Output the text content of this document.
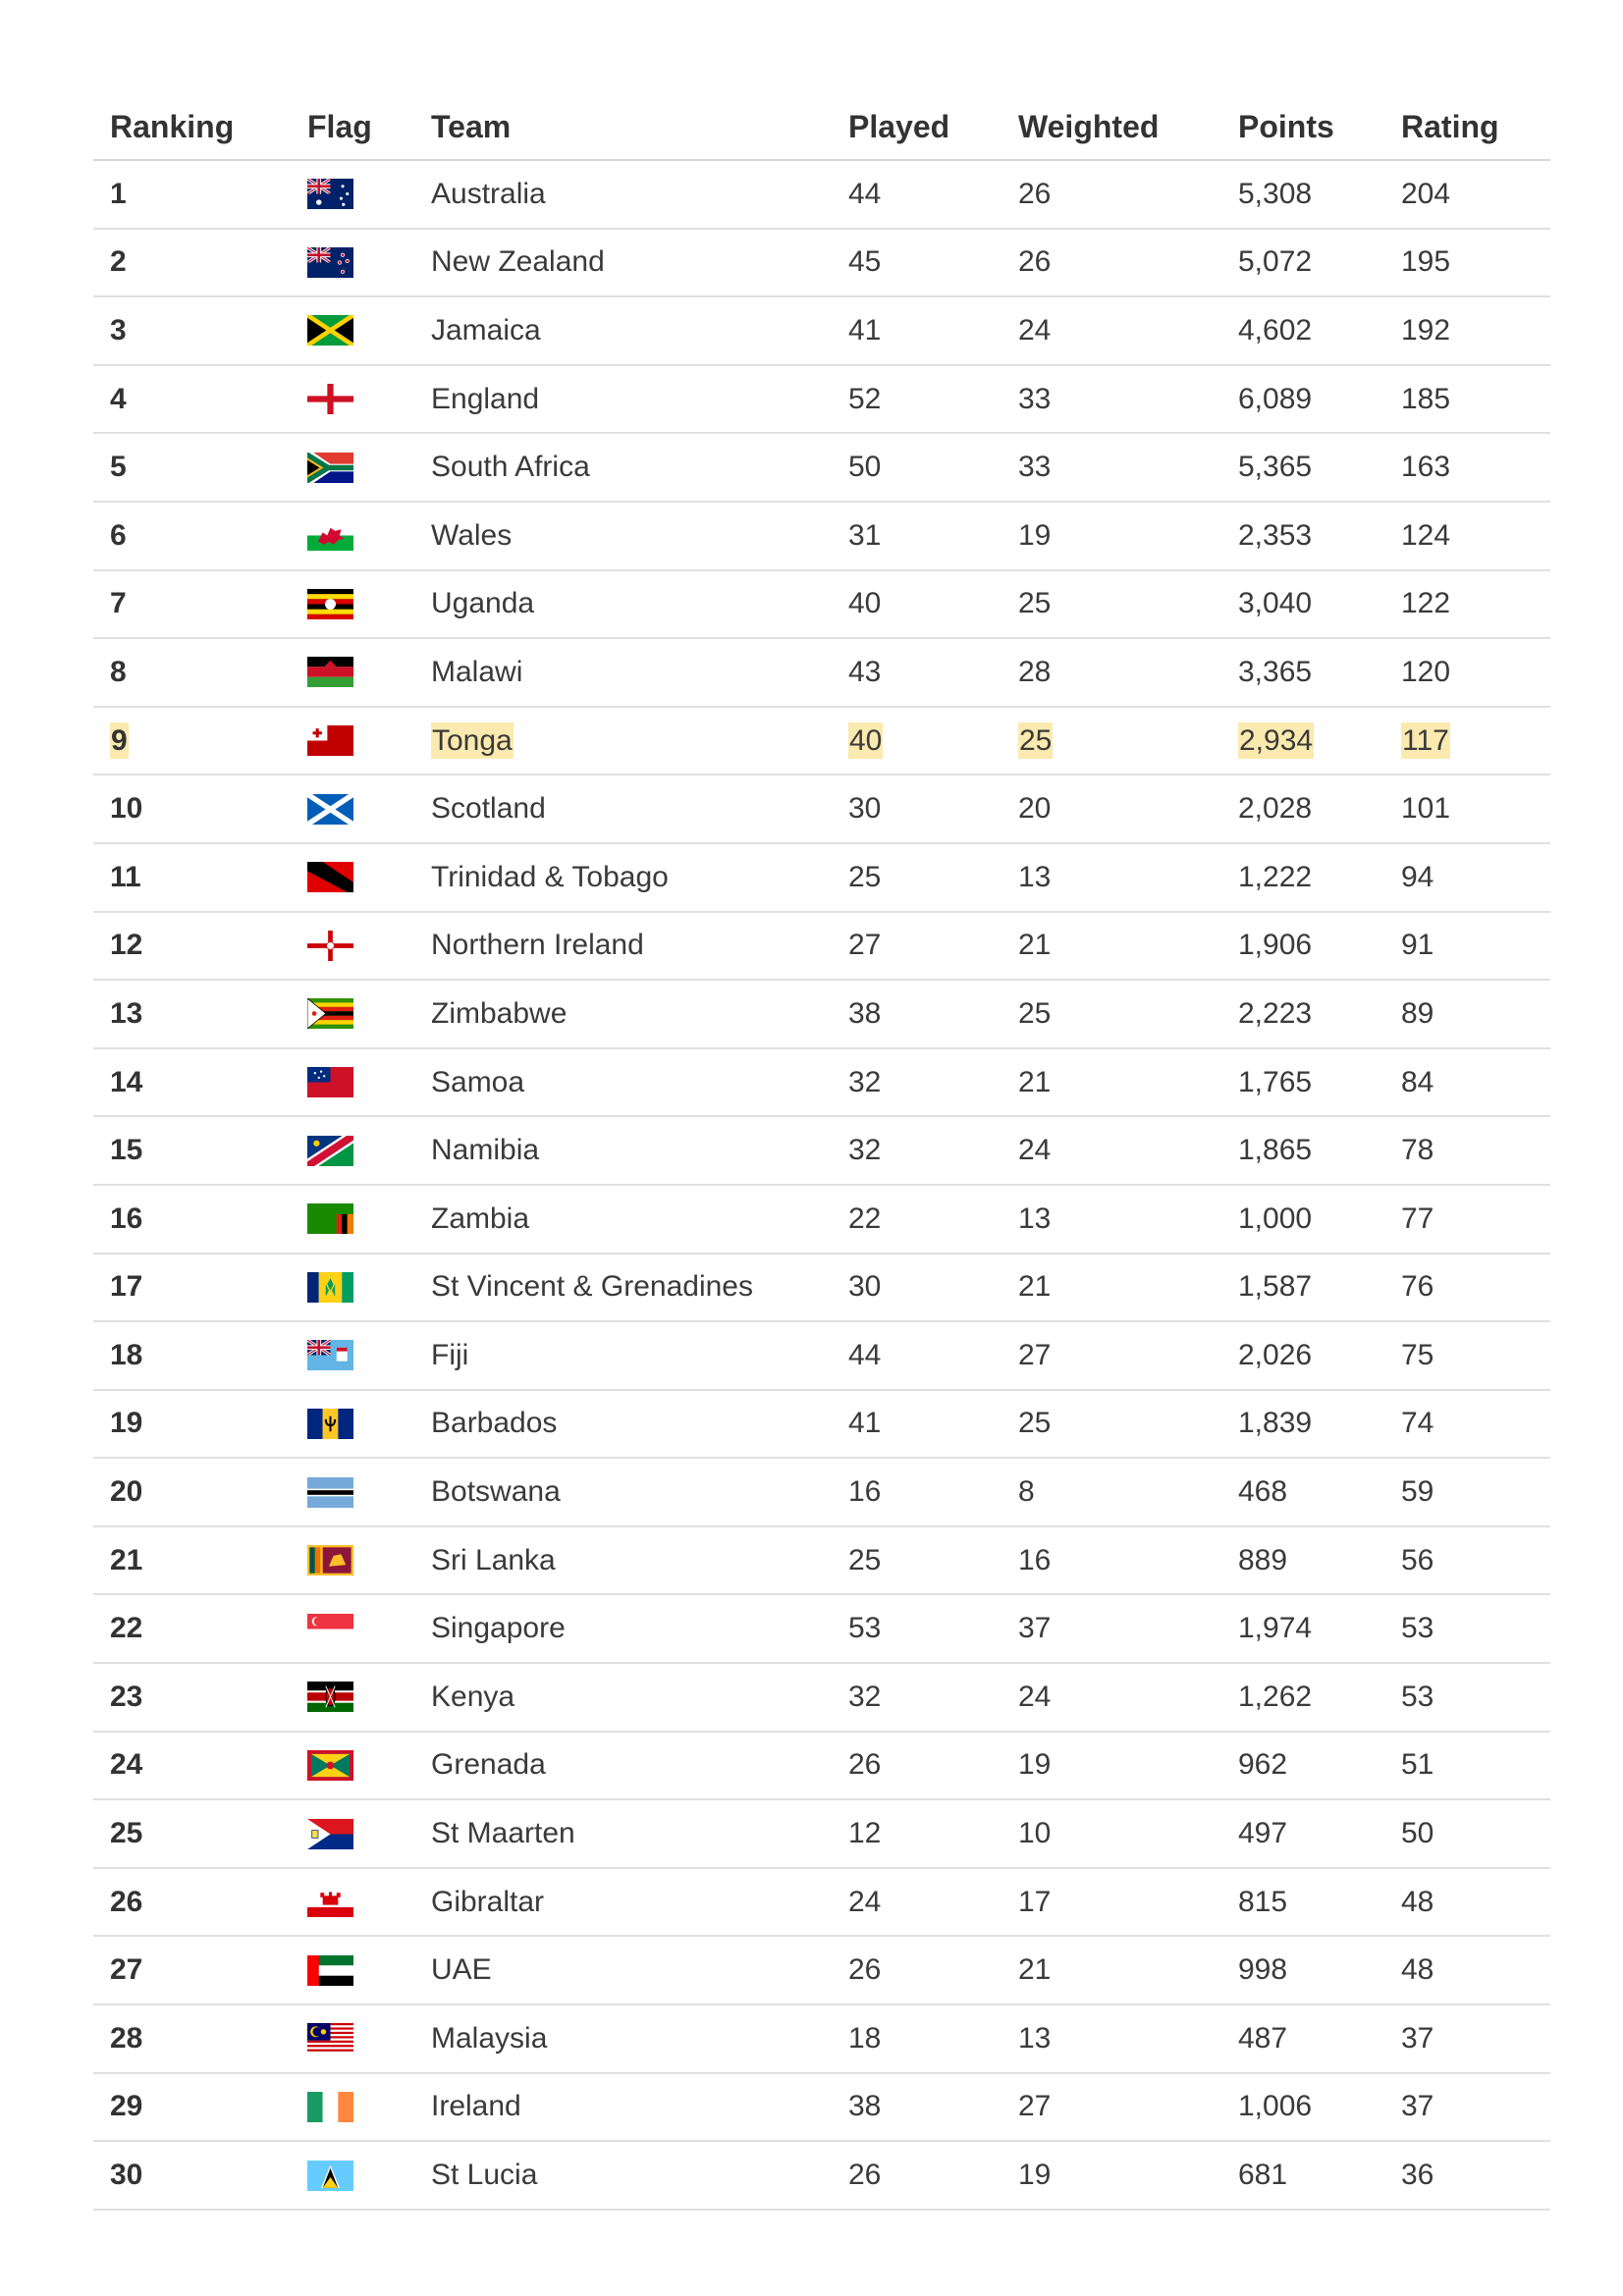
Ranking	Flag	Team	Played	Weighted	Points	Rating
1		Australia	44	26	5,308	204
2		New Zealand	45	26	5,072	195
3		Jamaica	41	24	4,602	192
4		England	52	33	6,089	185
5		South Africa	50	33	5,365	163
6		Wales	31	19	2,353	124
7		Uganda	40	25	3,040	122
8		Malawi	43	28	3,365	120
9		Tonga	40	25	2,934	117
10		Scotland	30	20	2,028	101
11		Trinidad & Tobago	25	13	1,222	94
12		Northern Ireland	27	21	1,906	91
13		Zimbabwe	38	25	2,223	89
14		Samoa	32	21	1,765	84
15		Namibia	32	24	1,865	78
16		Zambia	22	13	1,000	77
17		St Vincent & Grenadines	30	21	1,587	76
18		Fiji	44	27	2,026	75
19		Barbados	41	25	1,839	74
20		Botswana	16	8	468	59
21		Sri Lanka	25	16	889	56
22		Singapore	53	37	1,974	53
23		Kenya	32	24	1,262	53
24		Grenada	26	19	962	51
25		St Maarten	12	10	497	50
26		Gibraltar	24	17	815	48
27		UAE	26	21	998	48
28		Malaysia	18	13	487	37
29		Ireland	38	27	1,006	37
30		St Lucia	26	19	681	36
